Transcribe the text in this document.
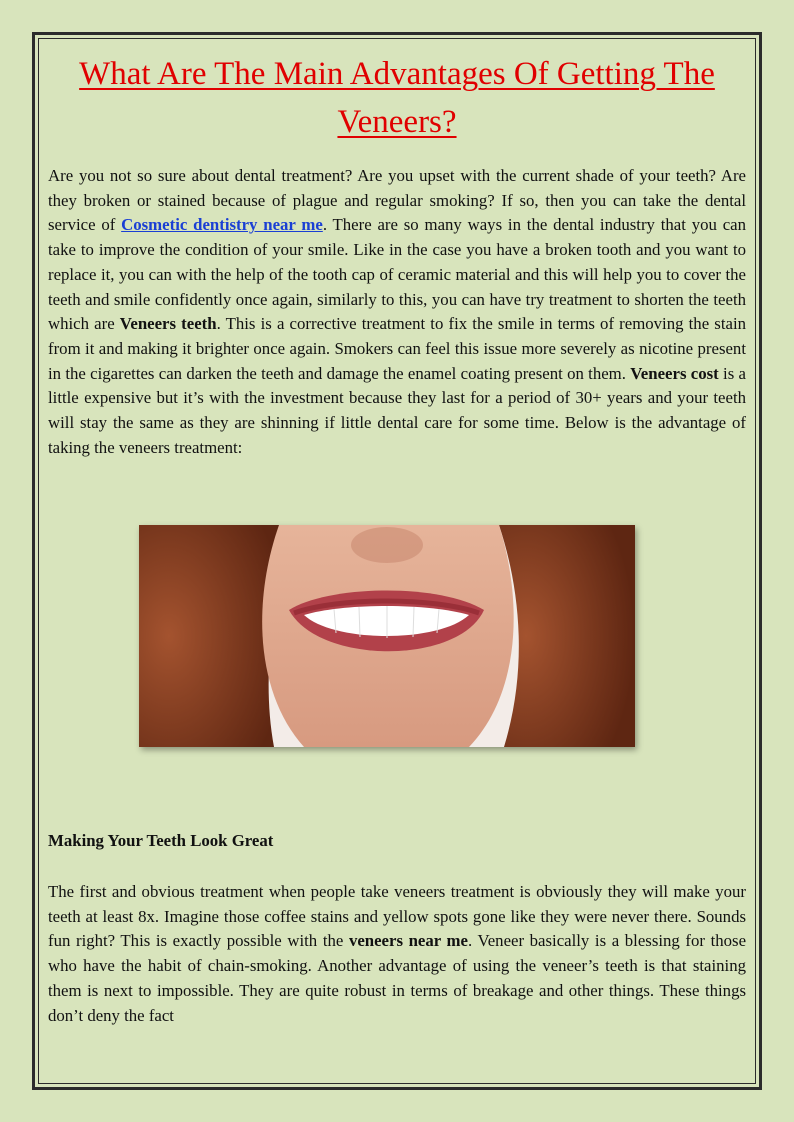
What Are The Main Advantages Of Getting The Veneers?

Are you not so sure about dental treatment? Are you upset with the current shade of your teeth? Are they broken or stained because of plague and regular smoking? If so, then you can take the dental service of Cosmetic dentistry near me. There are so many ways in the dental industry that you can take to improve the condition of your smile. Like in the case you have a broken tooth and you want to replace it, you can with the help of the tooth cap of ceramic material and this will help you to cover the teeth and smile confidently once again, similarly to this, you can have try treatment to shorten the teeth which are Veneers teeth. This is a corrective treatment to fix the smile in terms of removing the stain from it and making it brighter once again. Smokers can feel this issue more severely as nicotine present in the cigarettes can darken the teeth and damage the enamel coating present on them. Veneers cost is a little expensive but it’s with the investment because they last for a period of 30+ years and your teeth will stay the same as they are shinning if little dental care for some time. Below is the advantage of taking the veneers treatment:

Making Your Teeth Look Great

The first and obvious treatment when people take veneers treatment is obviously they will make your teeth at least 8x. Imagine those coffee stains and yellow spots gone like they were never there. Sounds fun right? This is exactly possible with the veneers near me. Veneer basically is a blessing for those who have the habit of chain-smoking. Another advantage of using the veneer’s teeth is that staining them is next to impossible. They are quite robust in terms of breakage and other things. These things don’t deny the fact
